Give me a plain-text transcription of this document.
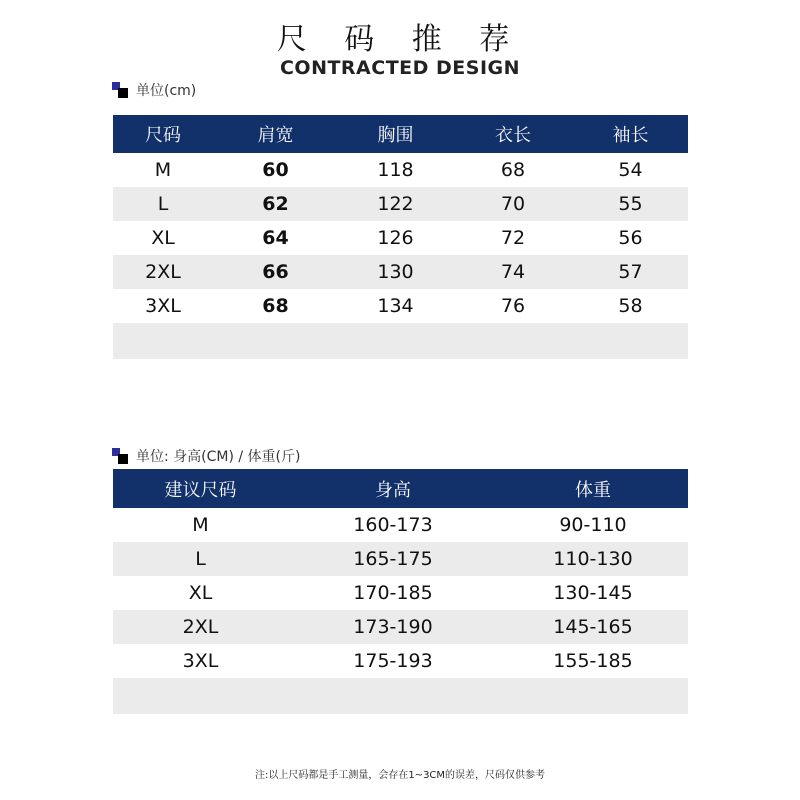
尺 码 推 荐
CONTRACTED DESIGN
单位(cm)
尺码	肩宽	胸围	衣长	袖长
M	60	118	68	54
L	62	122	70	55
XL	64	126	72	56
2XL	66	130	74	57
3XL	68	134	76	58
单位: 身高(CM) / 体重(斤)
建议尺码	身高	体重
M	160-173	90-110
L	165-175	110-130
XL	170-185	130-145
2XL	173-190	145-165
3XL	175-193	155-185
注:以上尺码都是手工测量，会存在1~3CM的误差，尺码仅供参考
